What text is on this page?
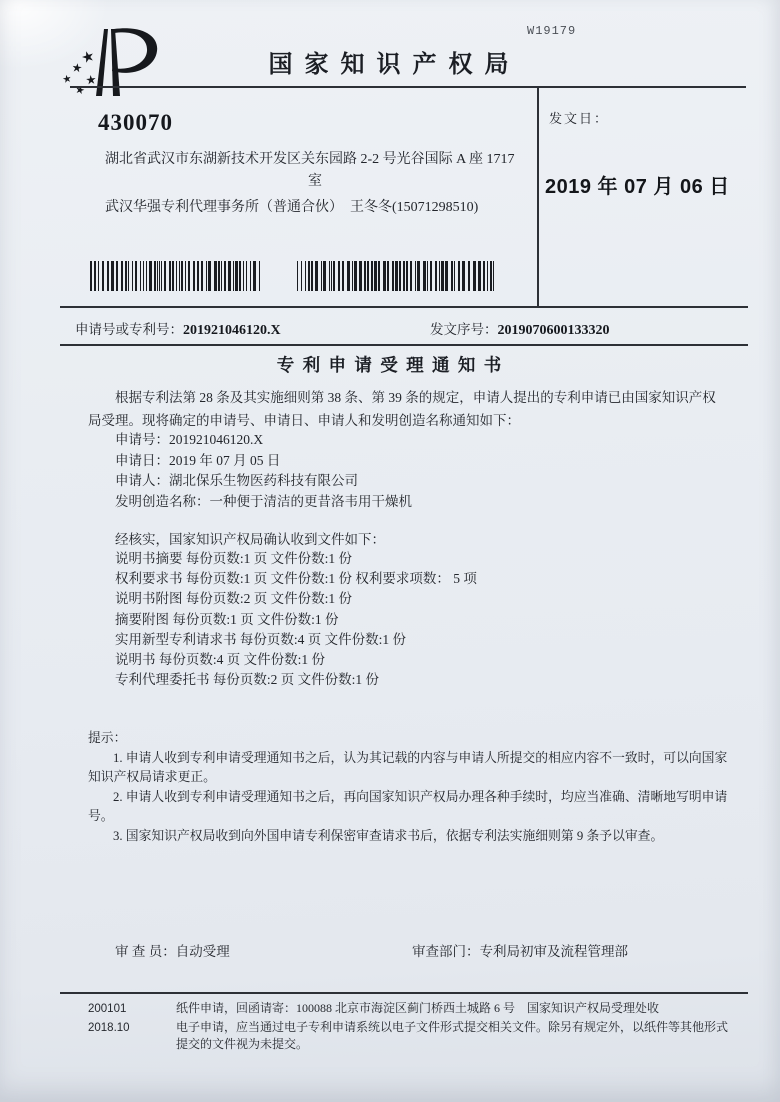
国 家 知 识 产 权 局
W19179
430070
湖北省武汉市东湖新技术开发区关东园路 2-2 号光谷国际 A 座 1717
室
武汉华强专利代理事务所（普通合伙）　王冬冬(15071298510)
发文日：
2019 年 07 月 06 日
申请号或专利号：201921046120.X	发文序号：2019070600133320
专 利 申 请 受 理 通 知 书
根据专利法第 28 条及其实施细则第 38 条、第 39 条的规定，申请人提出的专利申请已由国家知识产权局受理。现将确定的申请号、申请日、申请人和发明创造名称通知如下：
申请号：201921046120.X
申请日：2019 年 07 月 05 日
申请人：湖北保乐生物医药科技有限公司
发明创造名称：一种便于清洁的更昔洛韦用干燥机
经核实，国家知识产权局确认收到文件如下：
说明书摘要 每份页数:1 页 文件份数:1 份
权利要求书 每份页数:1 页 文件份数:1 份 权利要求项数： 5 项
说明书附图 每份页数:2 页 文件份数:1 份
摘要附图 每份页数:1 页 文件份数:1 份
实用新型专利请求书 每份页数:4 页 文件份数:1 份
说明书 每份页数:4 页 文件份数:1 份
专利代理委托书 每份页数:2 页 文件份数:1 份

提示：

1. 申请人收到专利申请受理通知书之后，认为其记载的内容与申请人所提交的相应内容不一致时，可以向国家知识产权局请求更正。

2. 申请人收到专利申请受理通知书之后，再向国家知识产权局办理各种手续时，均应当准确、清晰地写明申请号。

3. 国家知识产权局收到向外国申请专利保密审查请求书后，依据专利法实施细则第 9 条予以审查。

审 查 员：自动受理	审查部门：专利局初审及流程管理部
200101	纸件申请，回函请寄：100088 北京市海淀区蓟门桥西土城路 6 号　国家知识产权局受理处收
2018.10	电子申请，应当通过电子专利申请系统以电子文件形式提交相关文件。除另有规定外，以纸件等其他形式提交的文件视为未提交。
